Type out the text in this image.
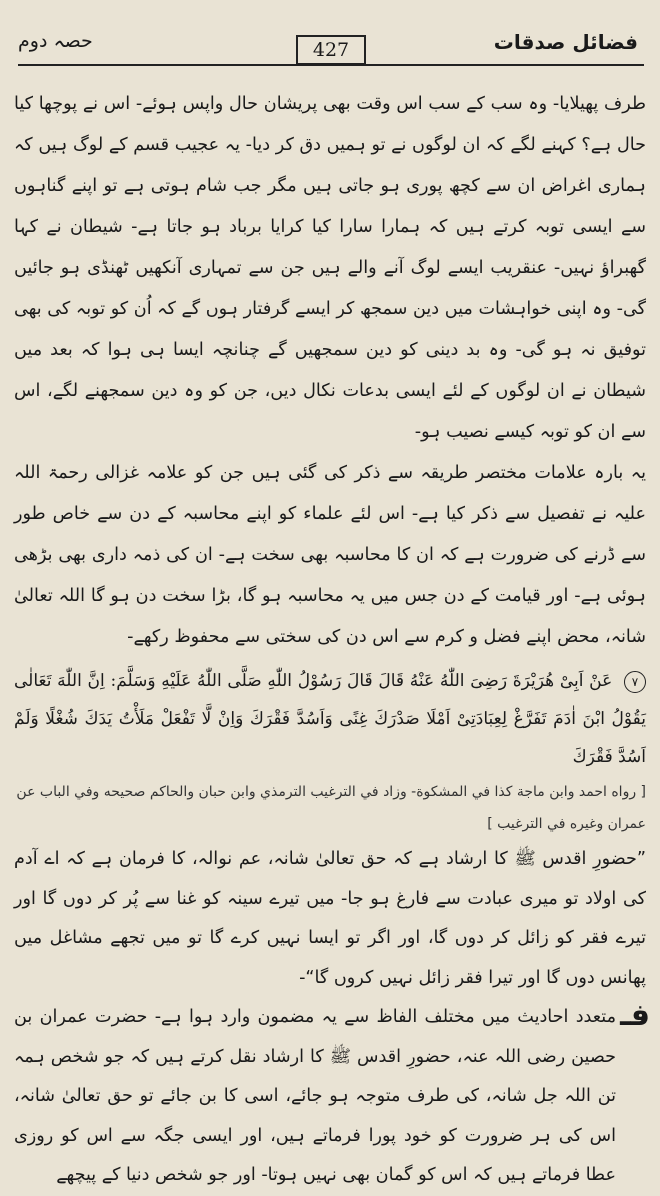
حصہ دوم	427	فضائل صدقات

طرف پھیلایا- وہ سب کے سب اس وقت بھی پریشان حال واپس ہوئے- اس نے پوچھا کیا حال ہے؟ کہنے لگے کہ ان لوگوں نے تو ہمیں دق کر دیا- یہ عجیب قسم کے لوگ ہیں کہ ہماری اغراض ان سے کچھ پوری ہو جاتی ہیں مگر جب شام ہوتی ہے تو اپنے گناہوں سے ایسی توبہ کرتے ہیں کہ ہمارا سارا کیا کرایا برباد ہو جاتا ہے- شیطان نے کہا گھبراؤ نہیں- عنقریب ایسے لوگ آنے والے ہیں جن سے تمہاری آنکھیں ٹھنڈی ہو جائیں گی- وہ اپنی خواہشات میں دین سمجھ کر ایسے گرفتار ہوں گے کہ اُن کو توبہ کی بھی توفیق نہ ہو گی- وہ بد دینی کو دین سمجھیں گے چنانچہ ایسا ہی ہوا کہ بعد میں شیطان نے ان لوگوں کے لئے ایسی بدعات نکال دیں، جن کو وہ دین سمجھنے لگے، اس سے ان کو توبہ کیسے نصیب ہو-

یہ بارہ علامات مختصر طریقہ سے ذکر کی گئی ہیں جن کو علامہ غزالی رحمۃ اللہ علیہ نے تفصیل سے ذکر کیا ہے- اس لئے علماء کو اپنے محاسبہ کے دن سے خاص طور سے ڈرنے کی ضرورت ہے کہ ان کا محاسبہ بھی سخت ہے- ان کی ذمہ داری بھی بڑھی ہوئی ہے- اور قیامت کے دن جس میں یہ محاسبہ ہو گا، بڑا سخت دن ہو گا اللہ تعالیٰ شانہ، محض اپنے فضل و کرم سے اس دن کی سختی سے محفوظ رکھے-

٧ عَنْ اَبِیْ هُرَیْرَةَ رَضِیَ اللّٰهُ عَنْهُ قَالَ قَالَ رَسُوْلُ اللّٰهِ صَلَّی اللّٰهُ عَلَیْهِ وَسَلَّمَ: اِنَّ اللّٰهَ تَعَالٰی یَقُوْلُ ابْنَ اٰدَمَ تَفَرَّغْ لِعِبَادَتِیْ اَمْلَا صَدْرَكَ غِنًی وَاَسُدَّ فَقْرَكَ وَاِنْ لَّا تَفْعَلْ مَلَأْتُ یَدَكَ شُغْلًا وَلَمْ اَسُدَّ فَقْرَكَ

[ رواه احمد وابن ماجة كذا في المشكوة- وزاد في الترغيب الترمذي وابن حبان والحاكم صحيحه وفي الباب عن عمران وغيره في الترغيب ]

”حضورِ اقدس ﷺ کا ارشاد ہے کہ حق تعالیٰ شانہ، عم نوالہ، کا فرمان ہے کہ اے آدم کی اولاد تو میری عبادت سے فارغ ہو جا- میں تیرے سینہ کو غنا سے پُر کر دوں گا اور تیرے فقر کو زائل کر دوں گا، اور اگر تو ایسا نہیں کرے گا تو میں تجھے مشاغل میں پھانس دوں گا اور تیرا فقر زائل نہیں کروں گا“-

فـ

متعدد احادیث میں مختلف الفاظ سے یہ مضمون وارد ہوا ہے- حضرت عمران بن حصین رضی اللہ عنہ، حضورِ اقدس ﷺ کا ارشاد نقل کرتے ہیں کہ جو شخص ہمہ تن اللہ جل شانہ، کی طرف متوجہ ہو جائے، اسی کا بن جائے تو حق تعالیٰ شانہ، اس کی ہر ضرورت کو خود پورا فرماتے ہیں، اور ایسی جگہ سے اس کو روزی عطا فرماتے ہیں کہ اس کو گمان بھی نہیں ہوتا- اور جو شخص دنیا کے پیچھے
